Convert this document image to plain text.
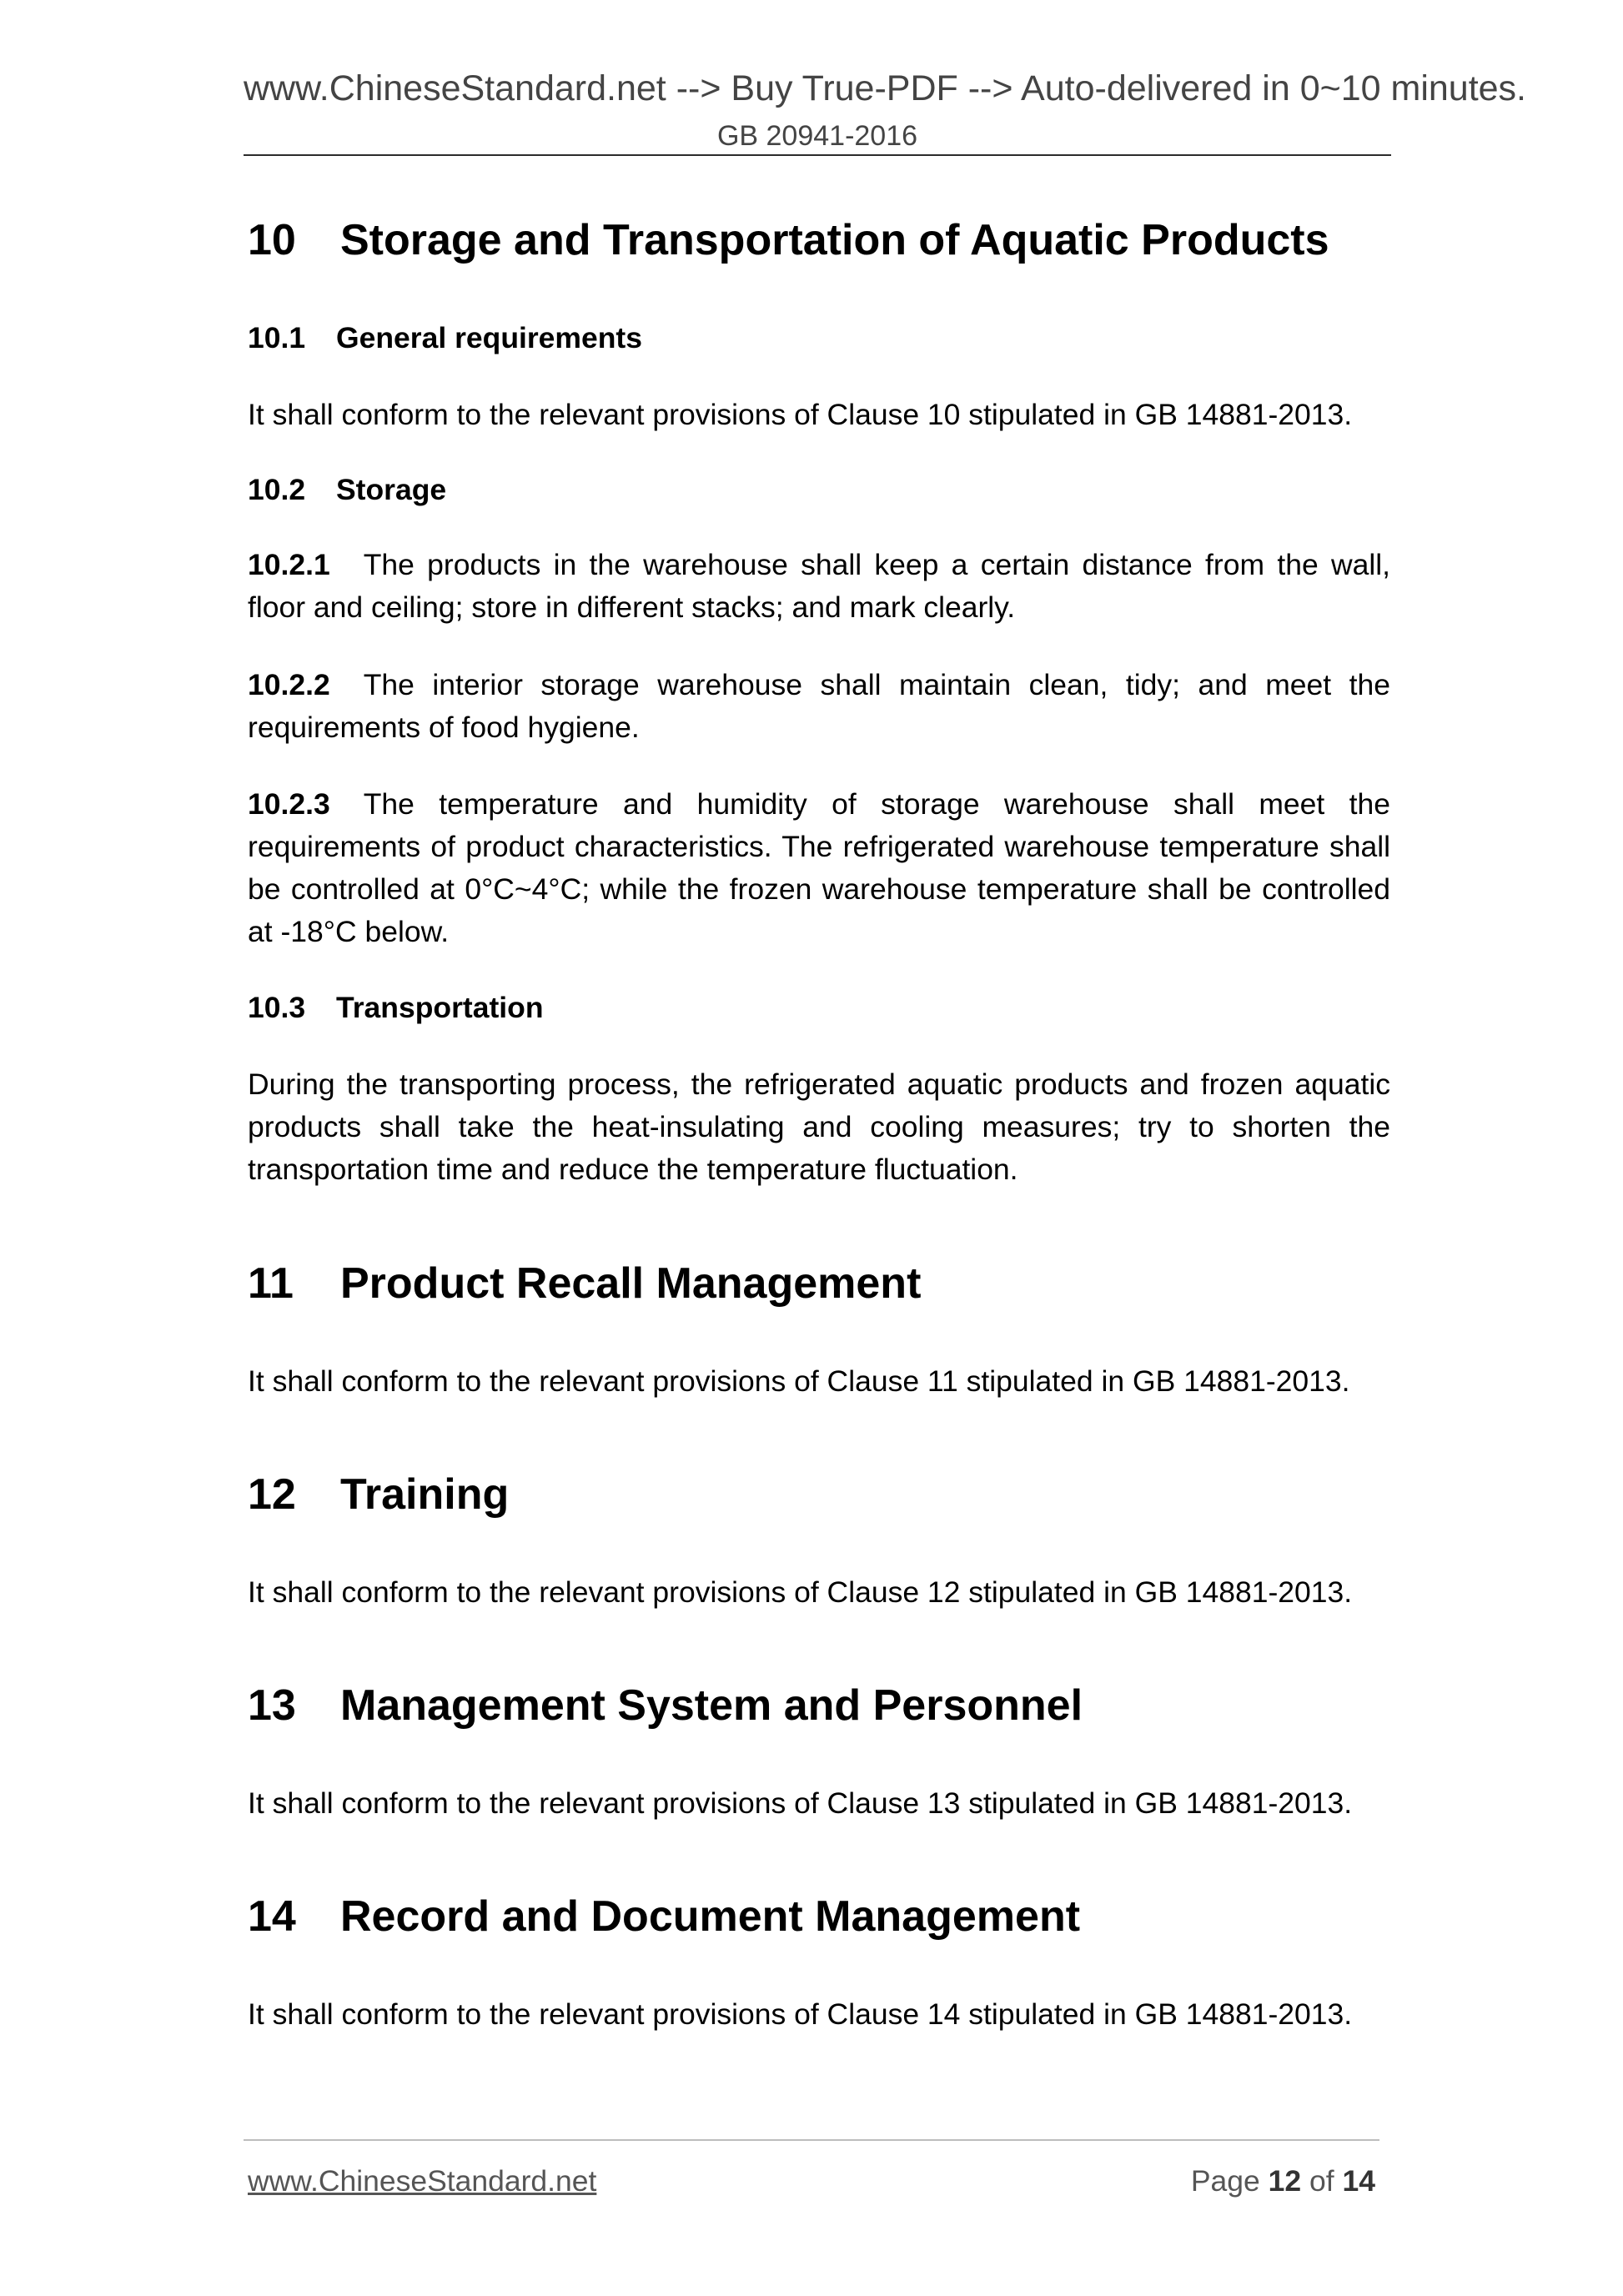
www.ChineseStandard.net --> Buy True-PDF --> Auto-delivered in 0~10 minutes.
GB 20941-2016
10 Storage and Transportation of Aquatic Products
10.1 General requirements

It shall conform to the relevant provisions of Clause 10 stipulated in GB 14881-2013.

10.2 Storage

10.2.1 The products in the warehouse shall keep a certain distance from the wall, floor and ceiling; store in different stacks; and mark clearly.

10.2.2 The interior storage warehouse shall maintain clean, tidy; and meet the requirements of food hygiene.

10.2.3 The temperature and humidity of storage warehouse shall meet the requirements of product characteristics. The refrigerated warehouse temperature shall be controlled at 0°C~4°C; while the frozen warehouse temperature shall be controlled at -18°C below.

10.3 Transportation

During the transporting process, the refrigerated aquatic products and frozen aquatic products shall take the heat-insulating and cooling measures; try to shorten the transportation time and reduce the temperature fluctuation.

11 Product Recall Management

It shall conform to the relevant provisions of Clause 11 stipulated in GB 14881-2013.

12 Training

It shall conform to the relevant provisions of Clause 12 stipulated in GB 14881-2013.

13 Management System and Personnel

It shall conform to the relevant provisions of Clause 13 stipulated in GB 14881-2013.

14 Record and Document Management

It shall conform to the relevant provisions of Clause 14 stipulated in GB 14881-2013.

www.ChineseStandard.net	Page 12 of 14
